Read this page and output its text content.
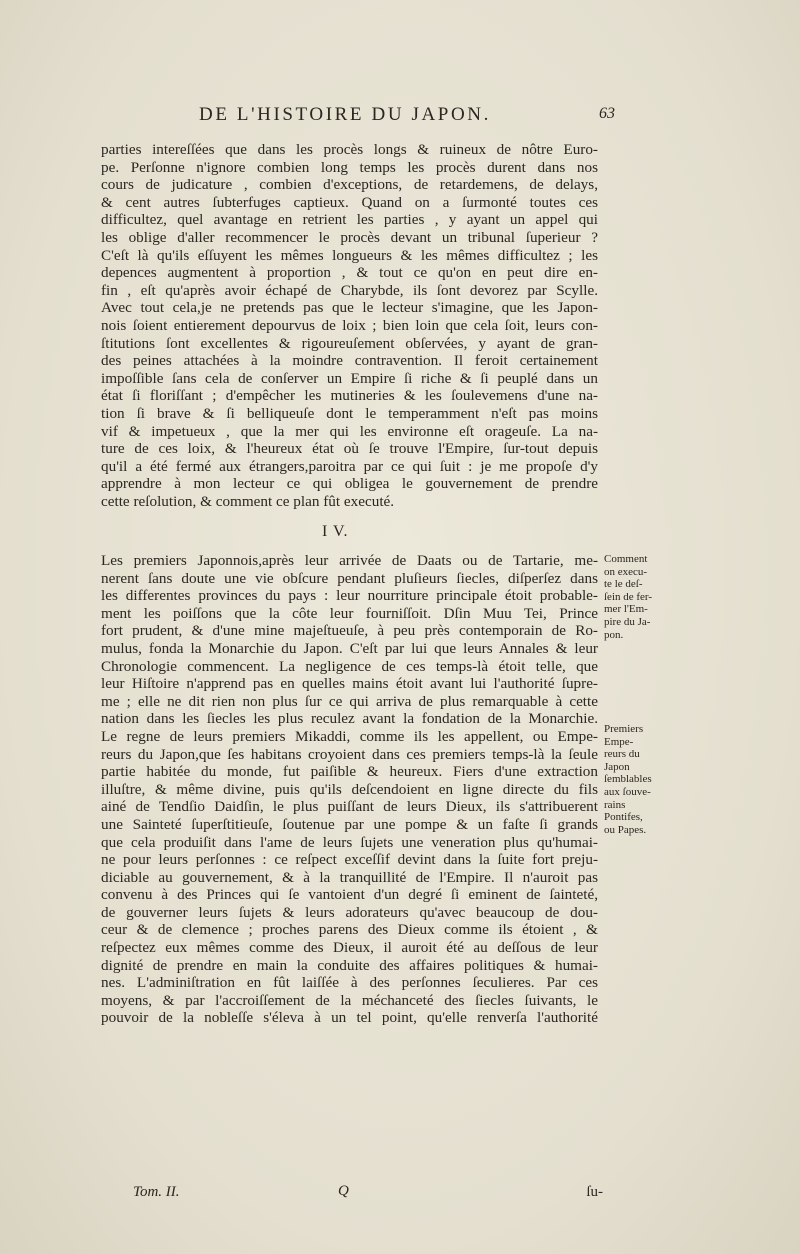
DE L'HISTOIRE DU JAPON.	63
parties intereſſées que dans les procès longs & ruineux de nôtre Euro-
pe. Perſonne n'ignore combien long temps les procès durent dans nos
cours de judicature , combien d'exceptions, de retardemens, de delays,
& cent autres ſubterfuges captieux. Quand on a ſurmonté toutes ces
difficultez, quel avantage en retrient les parties , y ayant un appel qui
les oblige d'aller recommencer le procès devant un tribunal ſuperieur ?
C'eſt là qu'ils eſſuyent les mêmes longueurs & les mêmes difficultez ; les
depences augmentent à proportion , & tout ce qu'on en peut dire en-
fin , eſt qu'après avoir échapé de Charybde, ils ſont devorez par Scylle.
Avec tout cela,je ne pretends pas que le lecteur s'imagine, que les Japon-
nois ſoient entierement depourvus de loix ; bien loin que cela ſoit, leurs con-
ſtitutions ſont excellentes & rigoureuſement obſervées, y ayant de gran-
des peines attachées à la moindre contravention. Il feroit certainement
impoſſible ſans cela de conſerver un Empire ſi riche & ſi peuplé dans un
état ſi floriſſant ; d'empêcher les mutineries & les ſoulevemens d'une na-
tion ſi brave & ſi belliqueuſe dont le temperamment n'eſt pas moins
vif & impetueux , que la mer qui les environne eſt orageuſe. La na-
ture de ces loix, & l'heureux état où ſe trouve l'Empire, ſur-tout depuis
qu'il a été fermé aux étrangers,paroitra par ce qui ſuit : je me propoſe d'y
apprendre à mon lecteur ce qui obligea le gouvernement de prendre
cette reſolution, & comment ce plan fût executé.
I V.
Les premiers Japonnois,après leur arrivée de Daats ou de Tartarie, me-
nerent ſans doute une vie obſcure pendant pluſieurs ſiecles, diſperſez dans
les differentes provinces du pays : leur nourriture principale étoit probable-
ment les poiſſons que la côte leur fourniſſoit. Dſin Muu Tei, Prince
fort prudent, & d'une mine majeſtueuſe, à peu près contemporain de Ro-
mulus, fonda la Monarchie du Japon. C'eſt par lui que leurs Annales & leur
Chronologie commencent. La negligence de ces temps-là étoit telle, que
leur Hiſtoire n'apprend pas en quelles mains étoit avant lui l'authorité ſupre-
me ; elle ne dit rien non plus ſur ce qui arriva de plus remarquable à cette
nation dans les ſiecles les plus reculez avant la fondation de la Monarchie.
Le regne de leurs premiers Mikaddi, comme ils les appellent, ou Empe-
reurs du Japon,que ſes habitans croyoient dans ces premiers temps-là la ſeule
partie habitée du monde, fut paiſible & heureux. Fiers d'une extraction
illuſtre, & même divine, puis qu'ils deſcendoient en ligne directe du fils
ainé de Tendſio Daidſin, le plus puiſſant de leurs Dieux, ils s'attribuerent
une Sainteté ſuperſtitieuſe, ſoutenue par une pompe & un faſte ſi grands
que cela produiſit dans l'ame de leurs ſujets une veneration plus qu'humai-
ne pour leurs perſonnes : ce reſpect exceſſif devint dans la ſuite fort preju-
diciable au gouvernement, & à la tranquillité de l'Empire. Il n'auroit pas
convenu à des Princes qui ſe vantoient d'un degré ſi eminent de ſainteté,
de gouverner leurs ſujets & leurs adorateurs qu'avec beaucoup de dou-
ceur & de clemence ; proches parens des Dieux comme ils étoient , &
reſpectez eux mêmes comme des Dieux, il auroit été au deſſous de leur
dignité de prendre en main la conduite des affaires politiques & humai-
nes. L'adminiſtration en fût laiſſée à des perſonnes ſeculieres. Par ces
moyens, & par l'accroiſſement de la méchanceté des ſiecles ſuivants, le
pouvoir de la nobleſſe s'éleva à un tel point, qu'elle renverſa l'authorité
Comment
on execu-
te le deſ-
ſein de fer-
mer l'Em-
pire du Ja-
pon.
Premiers
Empe-
reurs du
Japon
ſemblables
aux ſouve-
rains
Pontifes,
ou Papes.
Tom. II.	Q	ſu-
